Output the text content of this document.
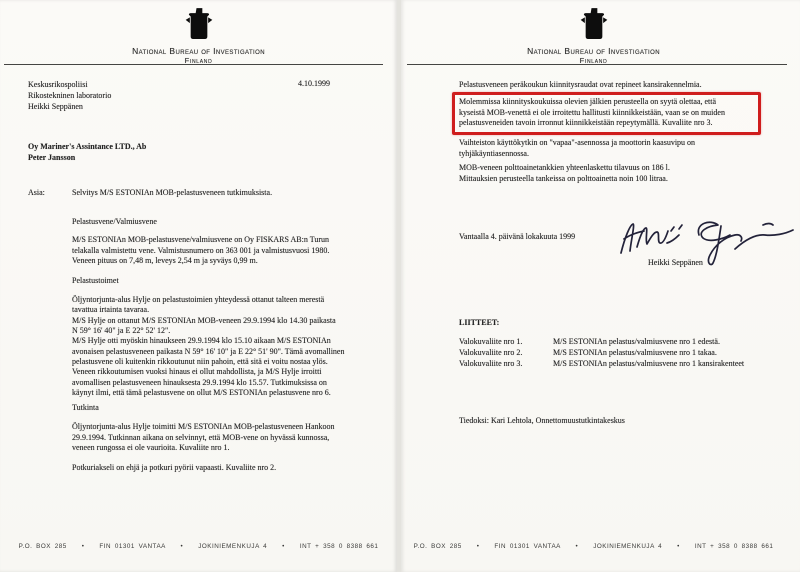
National Bureau of Investigation
Finland
Keskusrikospoliisi
Rikostekninen laboratorio
Heikki Seppänen
4.10.1999
Oy Mariner's Assintance LTD., Ab
Peter Jansson
Asia:	Selvitys M/S ESTONIAn MOB-pelastusveneen tutkimuksista.
Pelastusvene/Valmiusvene
M/S ESTONIAn MOB-pelastusvene/valmiusvene on Oy FISKARS AB:n Turun
telakalla valmistettu vene. Valmistusnumero on 363 001 ja valmistusvuosi 1980.
Veneen pituus on 7,48 m, leveys 2,54 m ja syväys 0,99 m.
Pelastustoimet
Öljyntorjunta-alus Hylje on pelastustoimien yhteydessä ottanut talteen merestä
tavattua irtainta tavaraa.
M/S Hylje on ottanut M/S ESTONIAn MOB-veneen 29.9.1994 klo 14.30 paikasta
N 59° 16' 40" ja E 22° 52' 12".
M/S Hylje otti myöskin hinaukseen 29.9.1994 klo 15.10 aikaan M/S ESTONIAn
avonaisen pelastusveneen paikasta N 59° 16' 10" ja E 22° 51' 90". Tämä avomallinen
pelastusvene oli kuitenkin rikkoutunut niin pahoin, että sitä ei voitu nostaa ylös.
Veneen rikkoutumisen vuoksi hinaus ei ollut mahdollista, ja M/S Hylje irroitti
avomallisen pelastusveneen hinauksesta 29.9.1994 klo 15.57. Tutkimuksissa on
käynyt ilmi, että tämä pelastusvene on ollut M/S ESTONIAn pelastusvene nro 6.
Tutkinta
Öljyntorjunta-alus Hylje toimitti M/S ESTONIAn MOB-pelastusveneen Hankoon
29.9.1994. Tutkinnan aikana on selvinnyt, että MOB-vene on hyvässä kunnossa,
veneen rungossa ei ole vaurioita. Kuvaliite nro 1.
Potkuriakseli on ehjä ja potkuri pyörii vapaasti. Kuvaliite nro 2.
P.O. BOX 285    •    FIN 01301 VANTAA    •    JOKINIEMENKUJA 4    •    INT + 358 0 8388 661
National Bureau of Investigation
Finland
Pelastusveneen peräkoukun kiinnitysraudat ovat repineet kansirakennelmia.
Molemmissa kiinnityskoukuissa olevien jälkien perusteella on syytä olettaa, että
kyseistä MOB-venettä ei ole irroitettu hallitusti kiinnikkeistään, vaan se on muiden
pelastusveneiden tavoin irronnut kiinnikkeistään repeytymällä. Kuvaliite nro 3.
Vaihteiston käyttökytkin on "vapaa"-asennossa ja moottorin kaasuvipu on
tyhjäkäyntiasennossa.
MOB-veneen polttoainetankkien yhteenlaskettu tilavuus on 186 l.
Mittauksien perusteella tankeissa on polttoainetta noin 100 litraa.
Vantaalla 4. päivänä lokakuuta 1999
Heikki Seppänen
LIITTEET:
Valokuvaliite nro 1.	M/S ESTONIAn pelastus/valmiusvene nro 1 edestä.
Valokuvaliite nro 2.	M/S ESTONIAn pelastus/valmiusvene nro 1 takaa.
Valokuvaliite nro 3.	M/S ESTONIAn pelastus/valmiusvene nro 1 kansirakenteet
Tiedoksi: Kari Lehtola, Onnettomuustutkintakeskus
P.O. BOX 285    •    FIN 01301 VANTAA    •    JOKINIEMENKUJA 4    •    INT + 358 0 8388 661
